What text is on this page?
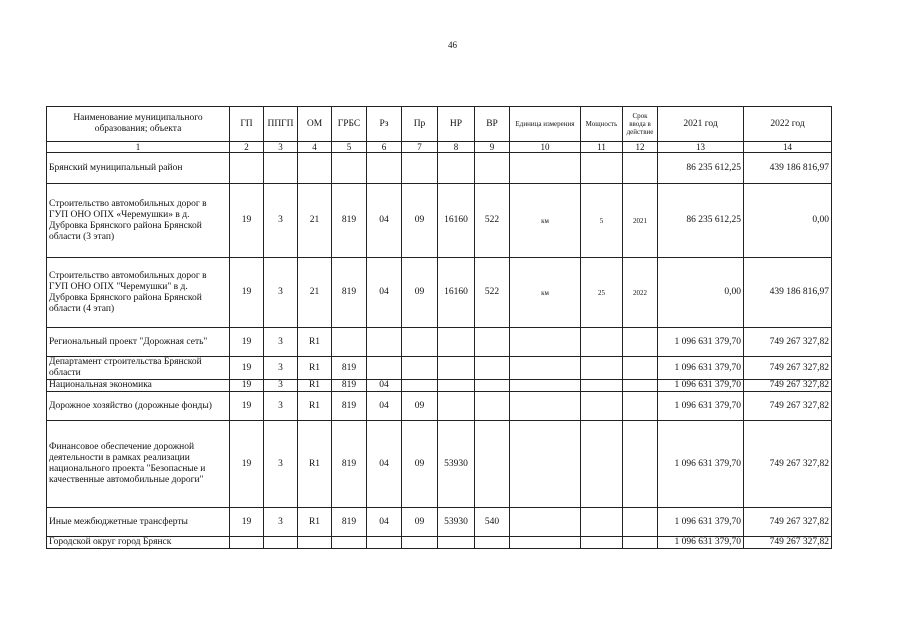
46
Наименование муниципального образования; объекта	ГП	ППГП	ОМ	ГРБС	Рз	Пр	НР	ВР	Единица измерения	Мощность	Срок ввода в действие	2021 год	2022 год
1	2	3	4	5	6	7	8	9	10	11	12	13	14
Брянский муниципальный район												86 235 612,25	439 186 816,97
Строительство автомобильных дорог в ГУП ОНО ОПХ «Черемушки» в д. Дубровка Брянского района Брянской области (3 этап)	19	3	21	819	04	09	16160	522	км	5	2021	86 235 612,25	0,00
Строительство автомобильных дорог в ГУП ОНО ОПХ "Черемушки" в д. Дубровка Брянского района Брянской области (4 этап)	19	3	21	819	04	09	16160	522	км	25	2022	0,00	439 186 816,97
Региональный проект "Дорожная сеть"	19	3	R1									1 096 631 379,70	749 267 327,82
Департамент строительства Брянской области	19	3	R1	819								1 096 631 379,70	749 267 327,82
Национальная экономика	19	3	R1	819	04							1 096 631 379,70	749 267 327,82
Дорожное хозяйство (дорожные фонды)	19	3	R1	819	04	09						1 096 631 379,70	749 267 327,82
Финансовое обеспечение дорожной деятельности в рамках реализации национального проекта "Безопасные и качественные автомобильные дороги"	19	3	R1	819	04	09	53930					1 096 631 379,70	749 267 327,82
Иные межбюджетные трансферты	19	3	R1	819	04	09	53930	540				1 096 631 379,70	749 267 327,82
Городской округ город Брянск												1 096 631 379,70	749 267 327,82
